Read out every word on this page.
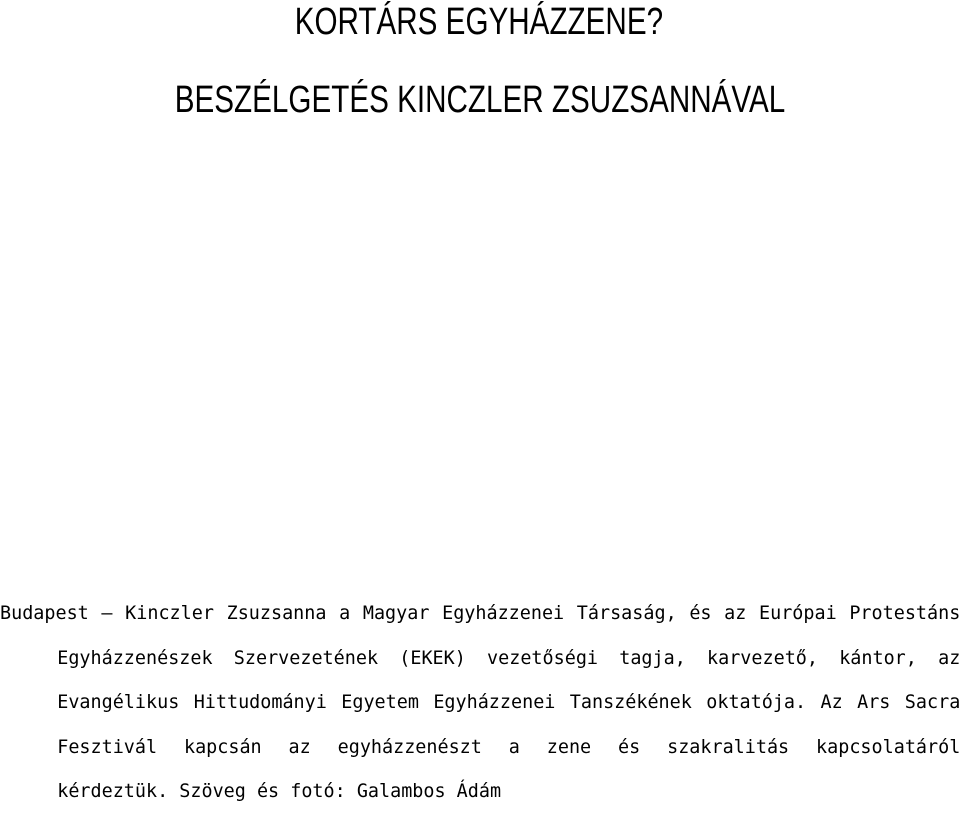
KORTÁRS EGYHÁZZENE?
BESZÉLGETÉS KINCZLER ZSUZSANNÁVAL
Budapest – Kinczler Zsuzsanna a Magyar Egyházzenei Társaság, és az Európai Protestáns
Egyházzenészek Szervezetének (EKEK) vezetőségi tagja, karvezető, kántor, az
Evangélikus Hittudományi Egyetem Egyházzenei Tanszékének oktatója. Az Ars Sacra
Fesztivál kapcsán az egyházzenészt a zene és szakralitás kapcsolatáról
kérdeztük. Szöveg és fotó: Galambos Ádám
